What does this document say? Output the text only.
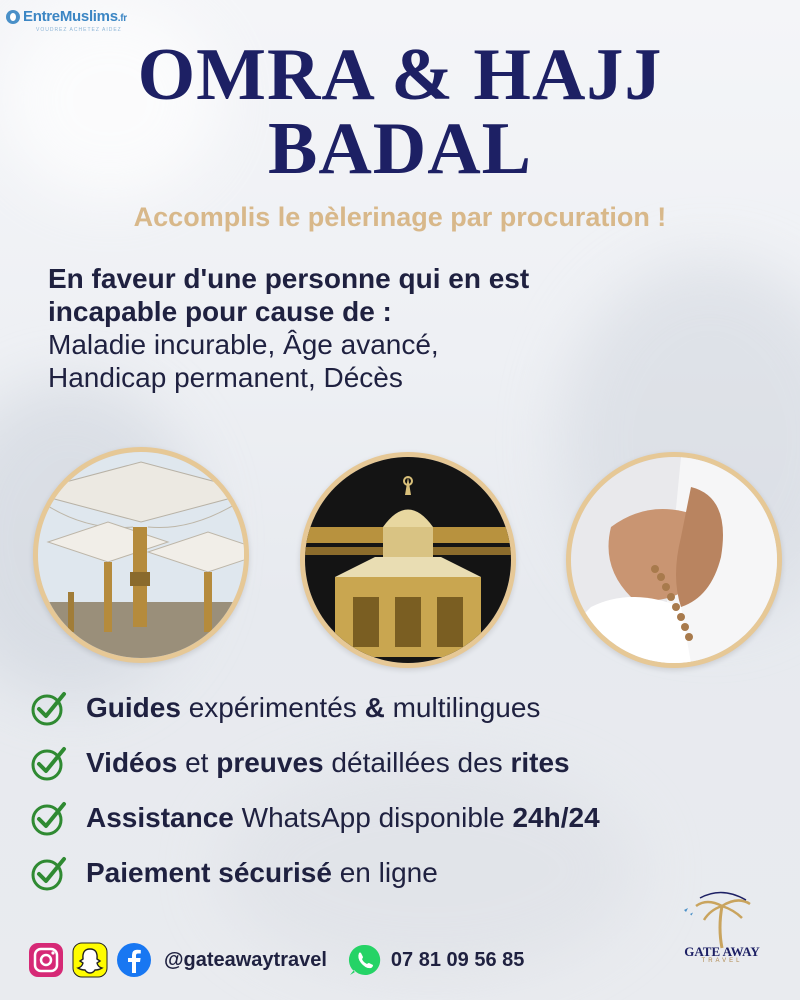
EntreMuslims.fr
VOUDREZ ACHETEZ AIDEZ
OMRA & HAJJ
BADAL
Accomplis le pèlerinage par procuration !
En faveur d'une personne qui en est
incapable pour cause de :
Maladie incurable, Âge avancé,
Handicap permanent, Décès
Guides expérimentés & multilingues
Vidéos et preuves détaillées des rites
Assistance WhatsApp disponible 24h/24
Paiement sécurisé en ligne
@gateawaytravel	07 81 09 56 85	GATE AWAY
TRAVEL
